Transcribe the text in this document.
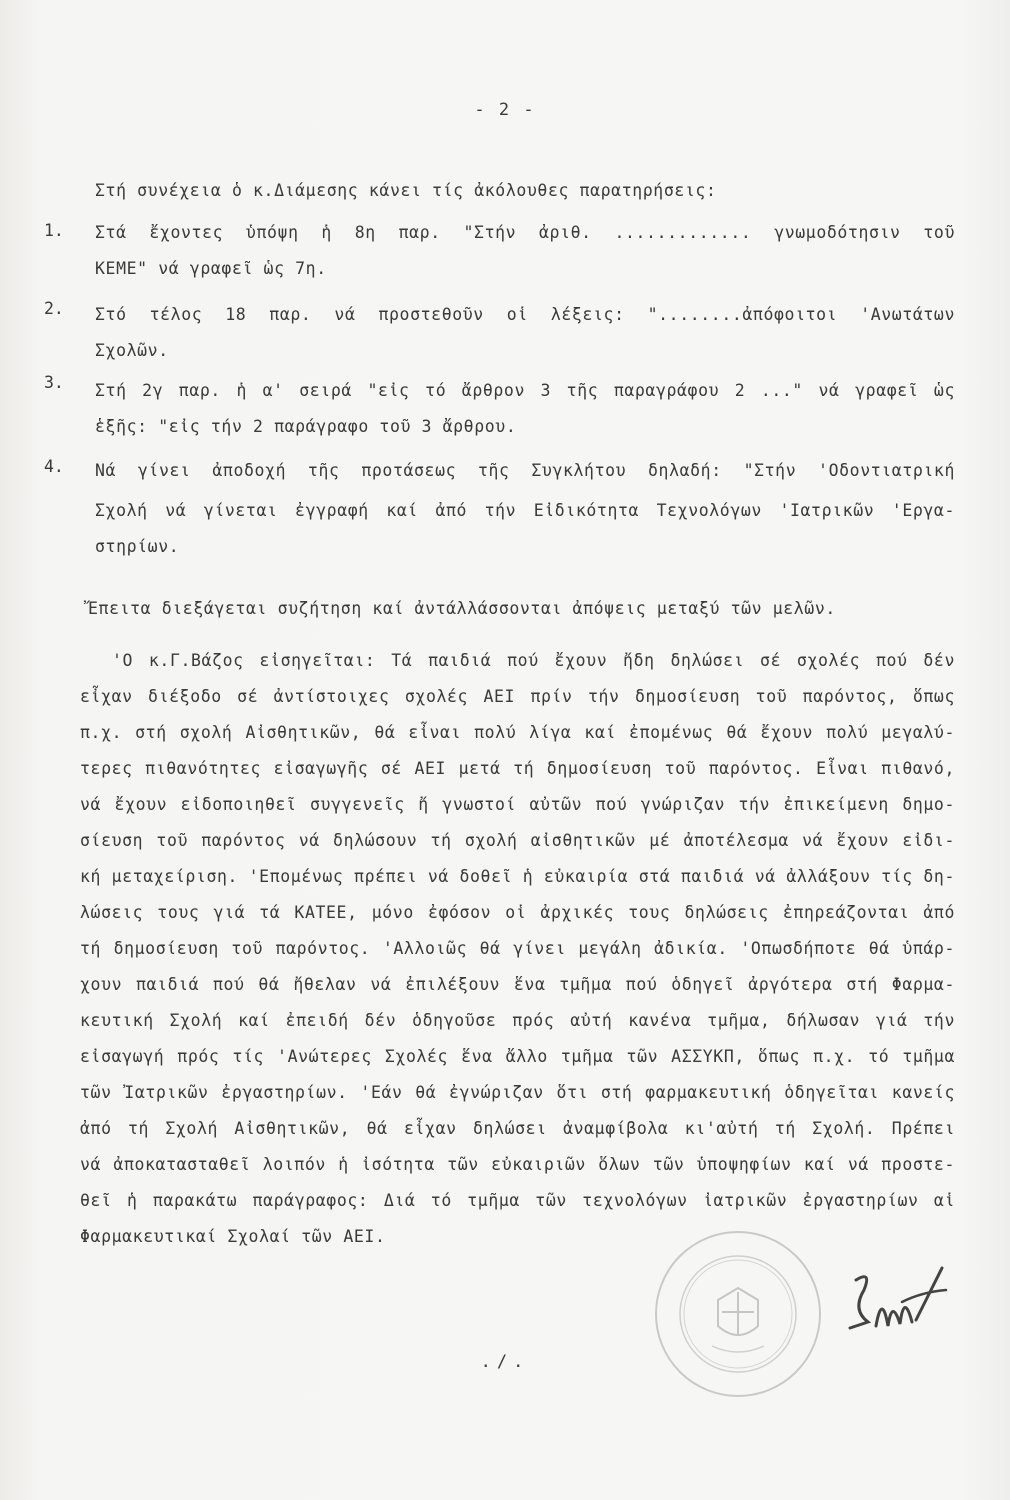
- 2 -
Στή συνέχεια ὁ κ.Διάμεσης κάνει τίς ἀκόλουθες παρατηρήσεις:
1. Στά ἔχοντες ὑπόψη ἡ 8η παρ. "Στήν ἀριθ. ............. γνωμοδότησιν τοῦ
ΚΕΜΕ" νά γραφεῖ ὡς 7η.
2. Στό τέλος 18 παρ. νά προστεθοῦν οἱ λέξεις: "........ἀπόφοιτοι 'Ανωτάτων
Σχολῶν.
3. Στή 2γ παρ. ἡ α' σειρά "εἰς τό ἄρθρον 3 τῆς παραγράφου 2 ..." νά γραφεῖ ὡς
ἑξῆς: "εἰς τήν 2 παράγραφο τοῦ 3 ἄρθρου.
4. Νά γίνει ἀποδοχή τῆς προτάσεως τῆς Συγκλήτου δηλαδή: "Στήν 'Οδοντιατρική
Σχολή νά γίνεται ἐγγραφή καί ἀπό τήν Εἰδικότητα Τεχνολόγων 'Ιατρικῶν 'Εργα-
στηρίων.
Ἔπειτα διεξάγεται συζήτηση καί ἀντάλλάσσονται ἀπόψεις μεταξύ τῶν μελῶν.
'Ο κ.Γ.Βάζος εἰσηγεῖται: Τά παιδιά πού ἔχουν ἤδη δηλώσει σέ σχολές πού δέν
εἶχαν διέξοδο σέ ἀντίστοιχες σχολές ΑΕΙ πρίν τήν δημοσίευση τοῦ παρόντος, ὅπως
π.χ. στή σχολή Αἰσθητικῶν, θά εἶναι πολύ λίγα καί ἐπομένως θά ἔχουν πολύ μεγαλύ-
τερες πιθανότητες εἰσαγωγῆς σέ ΑΕΙ μετά τή δημοσίευση τοῦ παρόντος. Εἶναι πιθανό,
νά ἔχουν εἰδοποιηθεῖ συγγενεῖς ἤ γνωστοί αὐτῶν πού γνώριζαν τήν ἐπικείμενη δημο-
σίευση τοῦ παρόντος νά δηλώσουν τή σχολή αἰσθητικῶν μέ ἀποτέλεσμα νά ἔχουν εἰδι-
κή μεταχείριση. 'Επομένως πρέπει νά δοθεῖ ἡ εὐκαιρία στά παιδιά νά ἀλλάξουν τίς δη-
λώσεις τους γιά τά ΚΑΤΕΕ, μόνο ἐφόσον οἱ ἀρχικές τους δηλώσεις ἐπηρεάζονται ἀπό
τή δημοσίευση τοῦ παρόντος. 'Αλλοιῶς θά γίνει μεγάλη ἀδικία. 'Οπωσδήποτε θά ὑπάρ-
χουν παιδιά πού θά ἤθελαν νά ἐπιλέξουν ἕνα τμῆμα πού ὁδηγεῖ ἀργότερα στή Φαρμα-
κευτική Σχολή καί ἐπειδή δέν ὁδηγοῦσε πρός αὐτή κανένα τμῆμα, δήλωσαν γιά τήν
εἰσαγωγή πρός τίς 'Ανώτερες Σχολές ἕνα ἄλλο τμῆμα τῶν ΑΣΣΥΚΠ, ὅπως π.χ. τό τμῆμα
τῶν Ἰατρικῶν ἐργαστηρίων. 'Εάν θά ἐγνώριζαν ὅτι στή φαρμακευτική ὁδηγεῖται κανείς
ἀπό τή Σχολή Αἰσθητικῶν, θά εἶχαν δηλώσει ἀναμφίβολα κι'αὐτή τή Σχολή. Πρέπει
νά ἀποκατασταθεῖ λοιπόν ἡ ἰσότητα τῶν εὐκαιριῶν ὅλων τῶν ὑποψηφίων καί νά προστε-
θεῖ ἡ παρακάτω παράγραφος: Διά τό τμῆμα τῶν τεχνολόγων ἰατρικῶν ἐργαστηρίων αἱ
Φαρμακευτικαί Σχολαί τῶν ΑΕΙ.
./.
